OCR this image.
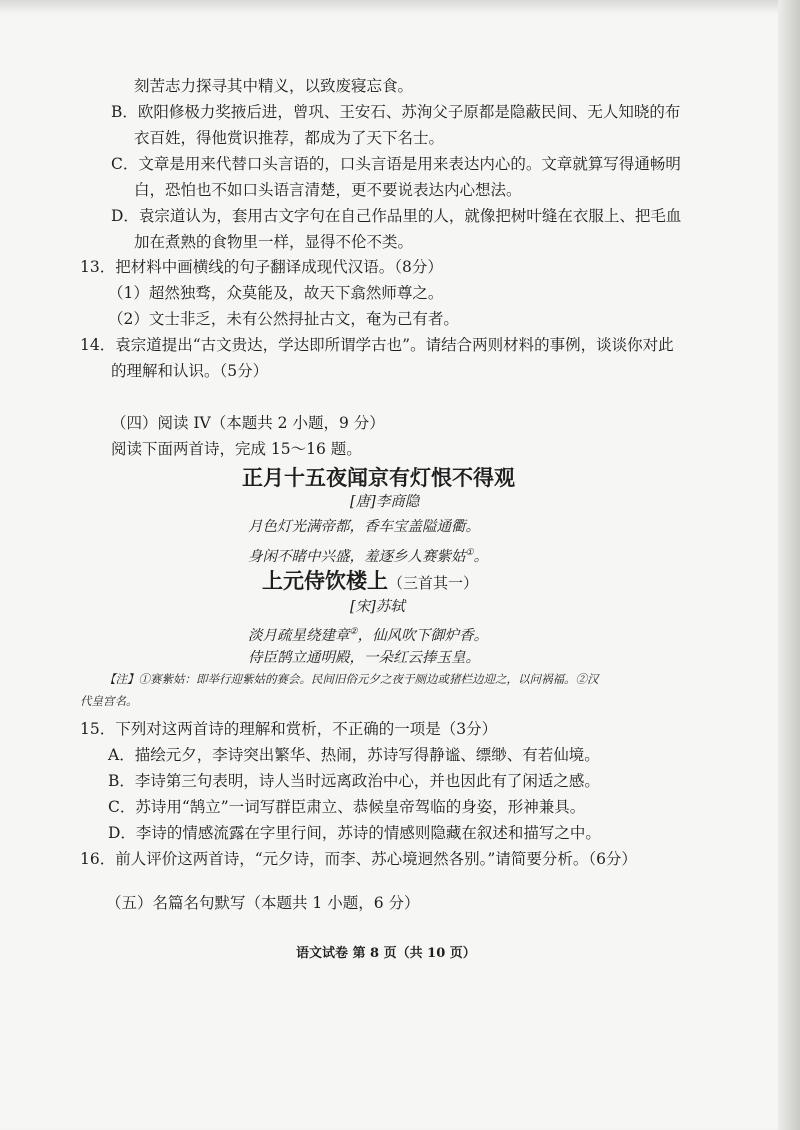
刻苦志力探寻其中精义，以致废寝忘食。
B．欧阳修极力奖掖后进，曾巩、王安石、苏洵父子原都是隐蔽民间、无人知晓的布
衣百姓，得他赏识推荐，都成为了天下名士。
C．文章是用来代替口头言语的，口头言语是用来表达内心的。文章就算写得通畅明
白，恐怕也不如口头语言清楚，更不要说表达内心想法。
D．袁宗道认为，套用古文字句在自己作品里的人，就像把树叶缝在衣服上、把毛血
加在煮熟的食物里一样，显得不伦不类。
13．把材料中画横线的句子翻译成现代汉语。（8分）
（1）超然独骛，众莫能及，故天下翕然师尊之。
（2）文士非乏，未有公然挦扯古文，奄为己有者。
14．袁宗道提出“古文贵达，学达即所谓学古也”。请结合两则材料的事例，谈谈你对此
的理解和认识。（5分）
（四）阅读 IV（本题共 2 小题，9 分）
阅读下面两首诗，完成 15～16 题。
正月十五夜闻京有灯恨不得观
[唐]李商隐
月色灯光满帝都，香车宝盖隘通衢。
身闲不睹中兴盛，羞逐乡人赛紫姑①。
上元侍饮楼上（三首其一）
[宋]苏轼
淡月疏星绕建章②，仙风吹下御炉香。
侍臣鹄立通明殿，一朵红云捧玉皇。
【注】①赛紫姑：即举行迎紫姑的赛会。民间旧俗元夕之夜于厕边或猪栏边迎之，以问祸福。②汉
代皇宫名。
15．下列对这两首诗的理解和赏析，不正确的一项是（3分）
A．描绘元夕，李诗突出繁华、热闹，苏诗写得静谧、缥缈、有若仙境。
B．李诗第三句表明，诗人当时远离政治中心，并也因此有了闲适之感。
C．苏诗用“鹄立”一词写群臣肃立、恭候皇帝驾临的身姿，形神兼具。
D．李诗的情感流露在字里行间，苏诗的情感则隐藏在叙述和描写之中。
16．前人评价这两首诗，“元夕诗，而李、苏心境迥然各别。”请简要分析。（6分）
（五）名篇名句默写（本题共 1 小题，6 分）
语文试卷 第 8 页（共 10 页）
